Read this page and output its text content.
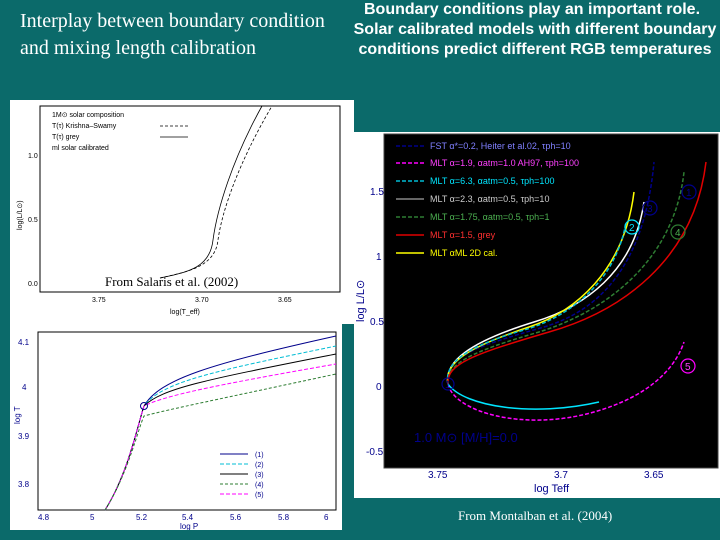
Interplay between boundary condition and mixing length calibration
Boundary conditions play an important role.
Solar calibrated models with different boundary conditions predict different RGB temperatures
1M⊙ solar composition
T(τ) Krishna–Swamy
T(τ) grey
ml solar calibrated
1.0
0.5
0.0
log(L/L⊙)
3.75	3.70	3.65
log(T_eff)
From Salaris et al. (2002)
4.1
4
3.9
3.8
log T
4.8	5	5.2	5.4	5.6	5.8	6
log P
(1)
(2)
(3)
(4)
(5)
FST α*=0.2, Heiter et al.02, τph=10
MLT α=1.9, αatm=1.0 AH97, τph=100
MLT α=6.3, αatm=0.5, τph=100
MLT α=2.3, αatm=0.5, τph=10
MLT α=1.75, αatm=0.5, τph=1
MLT α=1.5, grey
MLT αML 2D cal.
1.5
1
0.5
0
-0.5
log L/L⊙
3.75	3.7	3.65
log Teff
1.0 M⊙ [M/H]=0.0
1
1
2
3
4
5
From Montalban et al. (2004)
